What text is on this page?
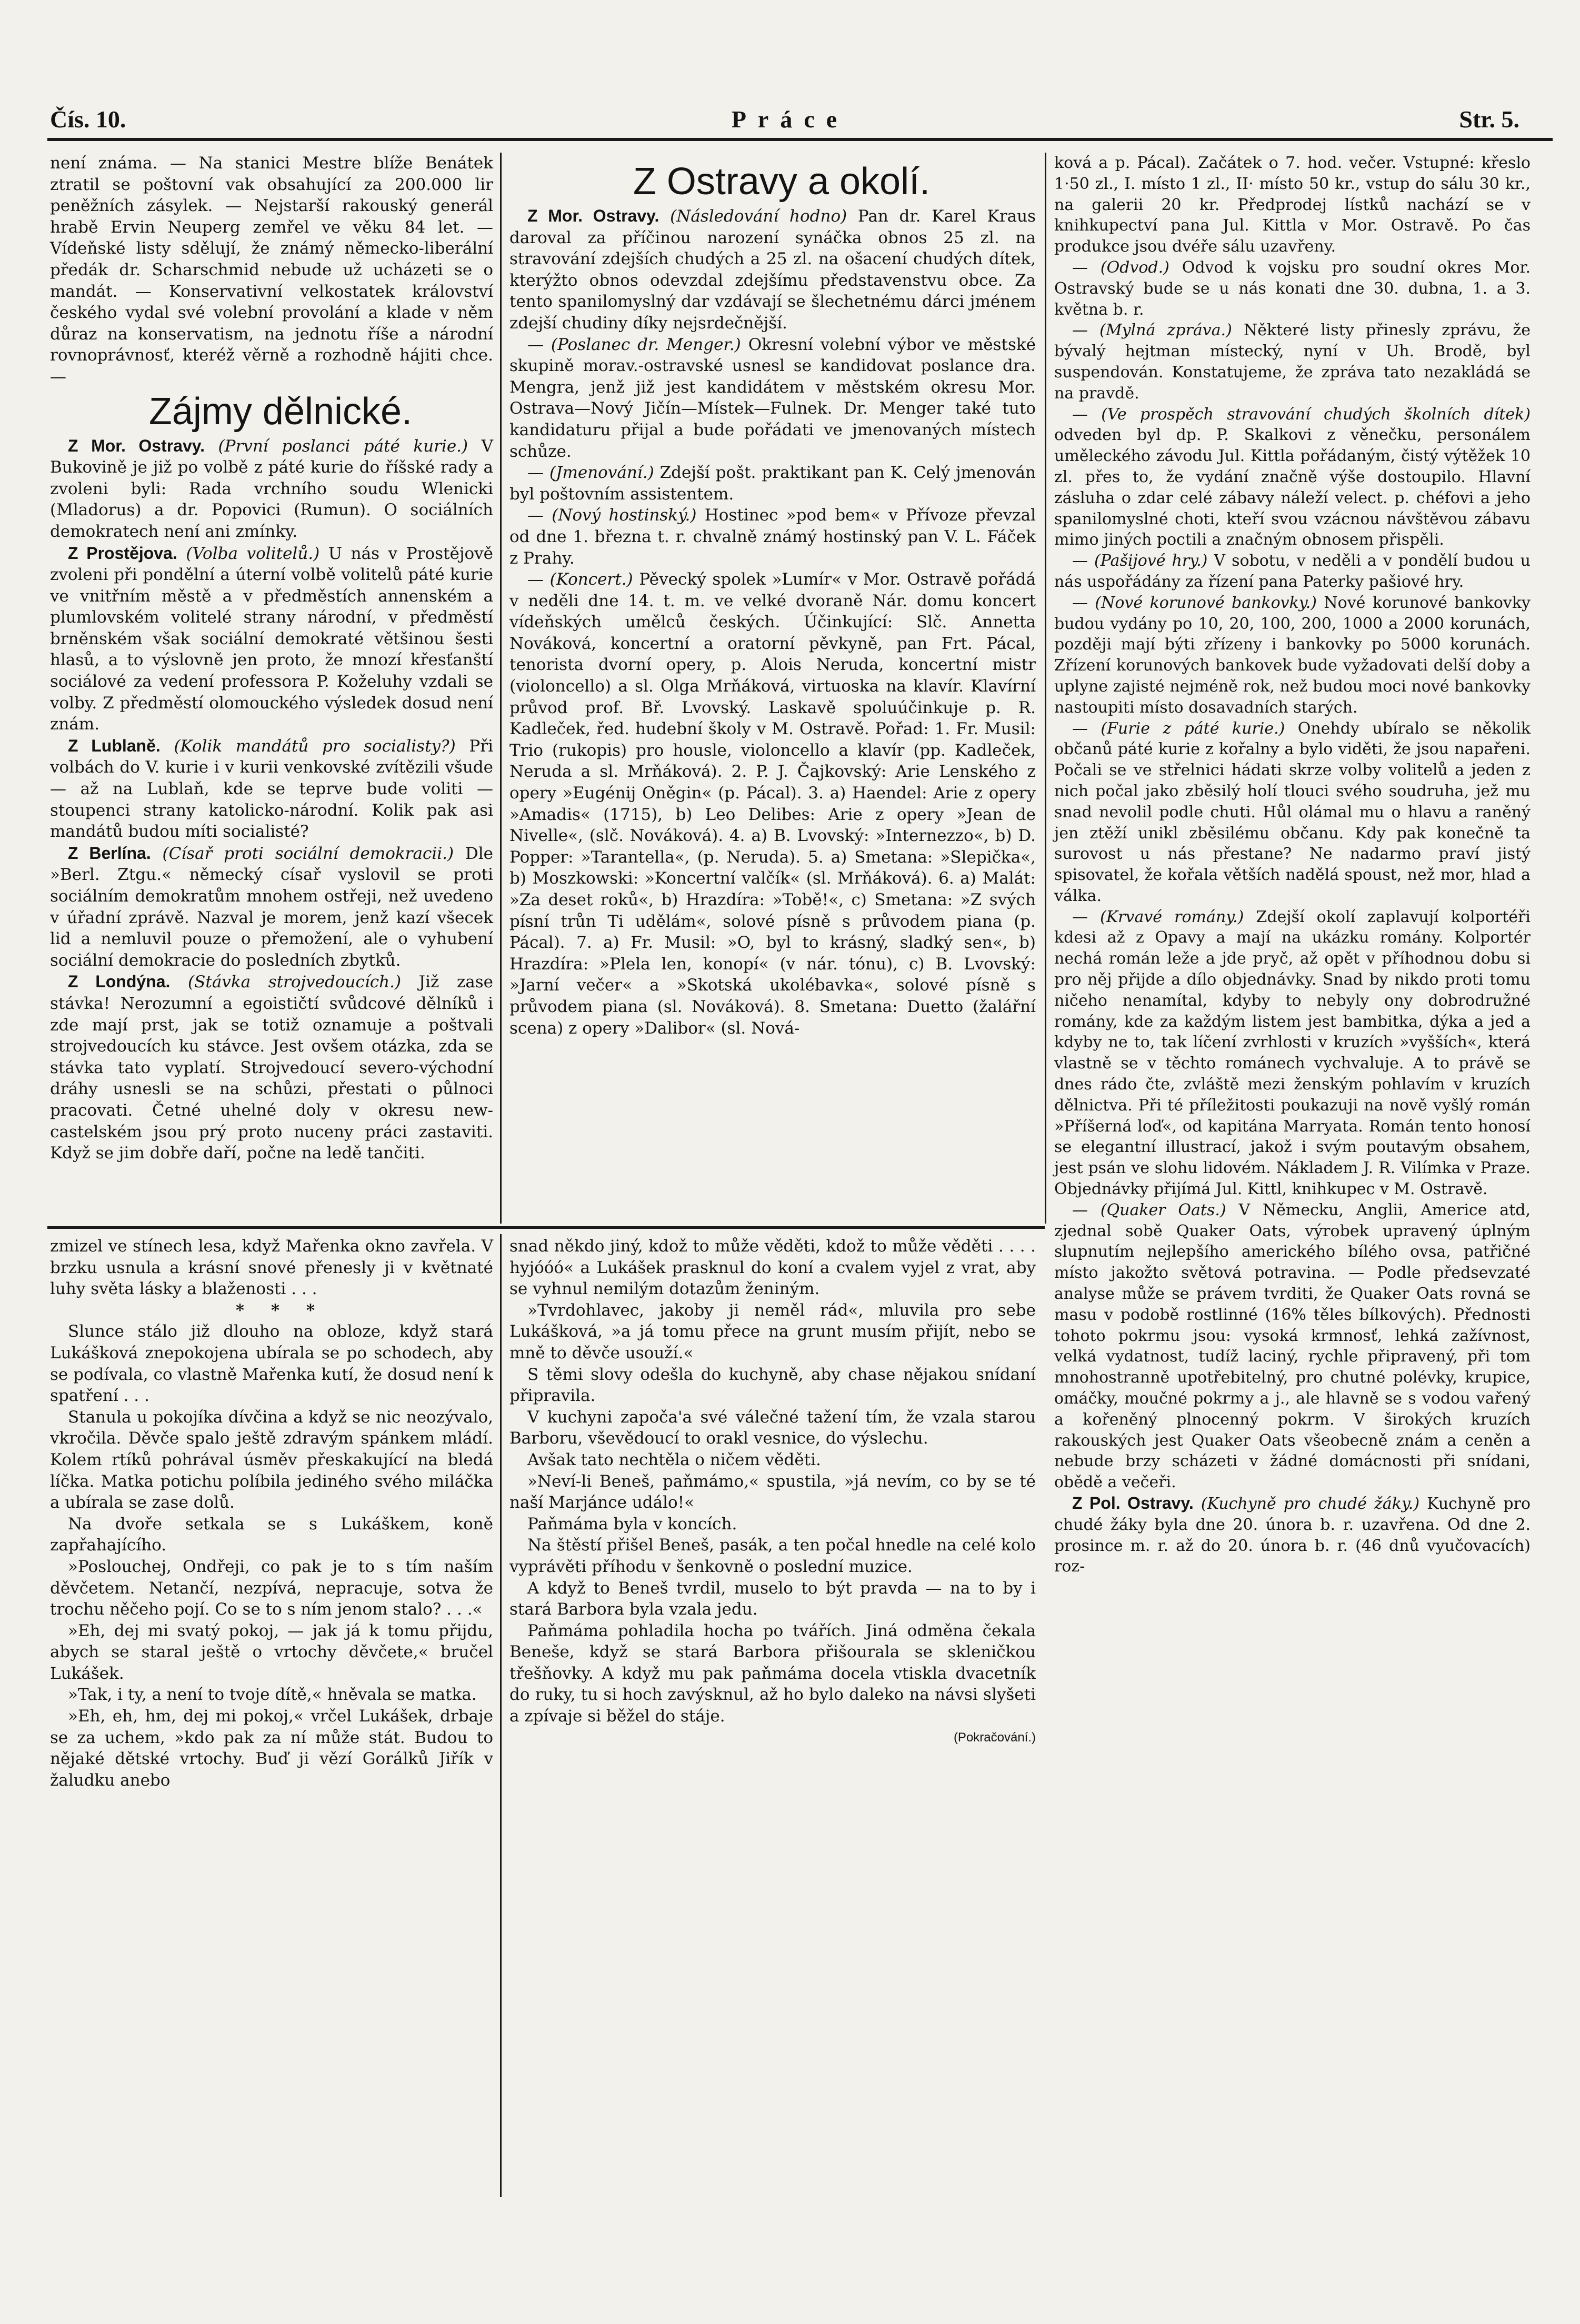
Čís. 10.	Práce	Str. 5.

není známa. — Na stanici Mestre blíže Benátek ztratil se poštovní vak obsahující za 200.000 lir peněžních zásylek. — Nejstarší rakouský generál hrabě Ervin Neuperg zemřel ve věku 84 let. — Vídeňské listy sdělují, že známý německo-liberální předák dr. Scharschmid nebude už ucházeti se o mandát. — Konservativní velkostatek království českého vydal své volební provolání a klade v něm důraz na konservatism, na jednotu říše a národní rovnoprávnosť, kteréž věrně a rozhodně hájiti chce. —

Zájmy dělnické.

Z Mor. Ostravy. (První poslanci páté kurie.) V Bukovině je již po volbě z páté kurie do říšské rady a zvoleni byli: Rada vrchního soudu Wlenicki (Mladorus) a dr. Popovici (Rumun). O sociálních demokratech není ani zmínky.

Z Prostějova. (Volba volitelů.) U nás v Prostějově zvoleni při pondělní a úterní volbě volitelů páté kurie ve vnitřním městě a v předměstích annenském a plumlovském volitelé strany národní, v předměstí brněnském však sociální demokraté většinou šesti hlasů, a to výslovně jen proto, že mnozí křesťanští sociálové za vedení professora P. Koželuhy vzdali se volby. Z předměstí olomouckého výsledek dosud není znám.

Z Lublaně. (Kolik mandátů pro socialisty?) Při volbách do V. kurie i v kurii venkovské zvítězili všude — až na Lublaň, kde se teprve bude voliti — stoupenci strany katolicko-národní. Kolik pak asi mandátů budou míti socialisté?

Z Berlína. (Císař proti sociální demokracii.) Dle »Berl. Ztgu.« německý císař vyslovil se proti sociálním demokratům mnohem ostřeji, než uvedeno v úřadní zprávě. Nazval je morem, jenž kazí všecek lid a nemluvil pouze o přemožení, ale o vyhubení sociální demokracie do posledních zbytků.

Z Londýna. (Stávka strojvedoucích.) Již zase stávka! Nerozumní a egoističtí svůdcové dělníků i zde mají prst, jak se totiž oznamuje a poštvali strojvedoucích ku stávce. Jest ovšem otázka, zda se stávka tato vyplatí. Strojvedoucí severo-východní dráhy usnesli se na schůzi, přestati o půlnoci pracovati. Četné uhelné doly v okresu new-castelském jsou prý proto nuceny práci zastaviti. Když se jim dobře daří, počne na ledě tančiti.

Z Ostravy a okolí.

Z Mor. Ostravy. (Následování hodno) Pan dr. Karel Kraus daroval za příčinou narození synáčka obnos 25 zl. na stravování zdejších chudých a 25 zl. na ošacení chudých dítek, kterýžto obnos odevzdal zdejšímu představenstvu obce. Za tento spanilomyslný dar vzdávají se šlechetnému dárci jménem zdejší chudiny díky nejsrdečnější.

— (Poslanec dr. Menger.) Okresní volební výbor ve městské skupině morav.-ostravské usnesl se kandidovat poslance dra. Mengra, jenž již jest kandidátem v městském okresu Mor. Ostrava—Nový Jičín—Místek—Fulnek. Dr. Menger také tuto kandidaturu přijal a bude pořádati ve jmenovaných místech schůze.

— (Jmenování.) Zdejší pošt. praktikant pan K. Celý jmenován byl poštovním assistentem.

— (Nový hostinský.) Hostinec »pod bem« v Přívoze převzal od dne 1. března t. r. chvalně známý hostinský pan V. L. Fáček z Prahy.

— (Koncert.) Pěvecký spolek »Lumír« v Mor. Ostravě pořádá v neděli dne 14. t. m. ve velké dvoraně Nár. domu koncert vídeňských umělců českých. Účinkující: Slč. Annetta Nováková, koncertní a oratorní pěvkyně, pan Frt. Pácal, tenorista dvorní opery, p. Alois Neruda, koncertní mistr (violoncello) a sl. Olga Mrňáková, virtuoska na klavír. Klavírní průvod prof. Bř. Lvovský. Laskavě spoluúčinkuje p. R. Kadleček, řed. hudební školy v M. Ostravě. Pořad: 1. Fr. Musil: Trio (rukopis) pro housle, violoncello a klavír (pp. Kadleček, Neruda a sl. Mrňáková). 2. P. J. Čajkovský: Arie Lenského z opery »Eugénij Oněgin« (p. Pácal). 3. a) Haendel: Arie z opery »Amadis« (1715), b) Leo Delibes: Arie z opery »Jean de Nivelle«, (slč. Nováková). 4. a) B. Lvovský: »Internezzo«, b) D. Popper: »Tarantella«, (p. Neruda). 5. a) Smetana: »Slepička«, b) Moszkowski: »Koncertní valčík« (sl. Mrňáková). 6. a) Malát: »Za deset roků«, b) Hrazdíra: »Tobě!«, c) Smetana: »Z svých písní trůn Ti udělám«, solové písně s průvodem piana (p. Pácal). 7. a) Fr. Musil: »O, byl to krásný, sladký sen«, b) Hrazdíra: »Plela len, konopí« (v nár. tónu), c) B. Lvovský: »Jarní večer« a »Skotská ukolébavka«, solové písně s průvodem piana (sl. Nováková). 8. Smetana: Duetto (žalářní scena) z opery »Dalibor« (sl. Nová-

ková a p. Pácal). Začátek o 7. hod. večer. Vstupné: křeslo 1·50 zl., I. místo 1 zl., II· místo 50 kr., vstup do sálu 30 kr., na galerii 20 kr. Předprodej lístků nachází se v knihkupectví pana Jul. Kittla v Mor. Ostravě. Po čas produkce jsou dvéře sálu uzavřeny.

— (Odvod.) Odvod k vojsku pro soudní okres Mor. Ostravský bude se u nás konati dne 30. dubna, 1. a 3. května b. r.

— (Mylná zpráva.) Některé listy přinesly zprávu, že bývalý hejtman místecký, nyní v Uh. Brodě, byl suspendován. Konstatujeme, že zpráva tato nezakládá se na pravdě.

— (Ve prospěch stravování chudých školních dítek) odveden byl dp. P. Skalkovi z věnečku, personálem uměleckého závodu Jul. Kittla pořádaným, čistý výtěžek 10 zl. přes to, že vydání značně výše dostoupilo. Hlavní zásluha o zdar celé zábavy náleží velect. p. chéfovi a jeho spanilomyslné choti, kteří svou vzácnou návštěvou zábavu mimo jiných poctili a značným obnosem přispěli.

— (Pašijové hry.) V sobotu, v neděli a v pondělí budou u nás uspořádány za řízení pana Paterky pašiové hry.

— (Nové korunové bankovky.) Nové korunové bankovky budou vydány po 10, 20, 100, 200, 1000 a 2000 korunách, později mají býti zřízeny i bankovky po 5000 korunách. Zřízení korunových bankovek bude vyžadovati delší doby a uplyne zajisté nejméně rok, než budou moci nové bankovky nastoupiti místo dosavadních starých.

— (Furie z páté kurie.) Onehdy ubíralo se několik občanů páté kurie z kořalny a bylo viděti, že jsou napařeni. Počali se ve střelnici hádati skrze volby volitelů a jeden z nich počal jako zběsilý holí tlouci svého soudruha, jež mu snad nevolil podle chuti. Hůl olámal mu o hlavu a raněný jen ztěží unikl zběsilému občanu. Kdy pak konečně ta surovost u nás přestane? Ne nadarmo praví jistý spisovatel, že kořala větších nadělá spoust, než mor, hlad a válka.

— (Krvavé romány.) Zdejší okolí zaplavují kolportéři kdesi až z Opavy a mají na ukázku romány. Kolportér nechá román leže a jde pryč, až opět v příhodnou dobu si pro něj přijde a dílo objednávky. Snad by nikdo proti tomu ničeho nenamítal, kdyby to nebyly ony dobrodružné romány, kde za každým listem jest bambitka, dýka a jed a kdyby ne to, tak líčení zvrhlosti v kruzích »vyšších«, která vlastně se v těchto románech vychvaluje. A to právě se dnes rádo čte, zvláště mezi ženským pohlavím v kruzích dělnictva. Při té příležitosti poukazuji na nově vyšlý román »Příšerná loď«, od kapitána Marryata. Román tento honosí se elegantní illustrací, jakož i svým poutavým obsahem, jest psán ve slohu lidovém. Nákladem J. R. Vilímka v Praze. Objednávky přijímá Jul. Kittl, knihkupec v M. Ostravě.

— (Quaker Oats.) V Německu, Anglii, Americe atd, zjednal sobě Quaker Oats, výrobek upravený úplným slupnutím nejlepšího amerického bílého ovsa, patřičné místo jakožto světová potravina. — Podle předsevzaté analyse může se právem tvrditi, že Quaker Oats rovná se masu v podobě rostlinné (16% těles bílkových). Přednosti tohoto pokrmu jsou: vysoká krmnosť, lehká zažívnost, velká vydatnost, tudíž laciný, rychle připravený, při tom mnohostranně upotřebitelný, pro chutné polévky, krupice, omáčky, moučné pokrmy a j., ale hlavně se s vodou vařený a kořeněný plnocenný pokrm. V širokých kruzích rakouských jest Quaker Oats všeobecně znám a ceněn a nebude brzy scházeti v žádné domácnosti při snídani, obědě a večeři.

Z Pol. Ostravy. (Kuchyně pro chudé žáky.) Kuchyně pro chudé žáky byla dne 20. února b. r. uzavřena. Od dne 2. prosince m. r. až do 20. února b. r. (46 dnů vyučovacích) roz-

zmizel ve stínech lesa, když Mařenka okno zavřela. V brzku usnula a krásní snové přenesly ji v květnaté luhy světa lásky a blaženosti . . .

* * *

Slunce stálo již dlouho na obloze, když stará Lukášková znepokojena ubírala se po schodech, aby se podívala, co vlastně Mařenka kutí, že dosud není k spatření . . .

Stanula u pokojíka dívčina a když se nic neozývalo, vkročila. Děvče spalo ještě zdravým spánkem mládí. Kolem rtíků pohrával úsměv přeskakující na bledá líčka. Matka potichu políbila jediného svého miláčka a ubírala se zase dolů.

Na dvoře setkala se s Lukáškem, koně zapřahajícího.

»Poslouchej, Ondřeji, co pak je to s tím naším děvčetem. Netančí, nezpívá, nepracuje, sotva že trochu něčeho pojí. Co se to s ním jenom stalo? . . .«

»Eh, dej mi svatý pokoj, — jak já k tomu přijdu, abych se staral ještě o vrtochy děvčete,« bručel Lukášek.

»Tak, i ty, a není to tvoje dítě,« hněvala se matka.

»Eh, eh, hm, dej mi pokoj,« vrčel Lukášek, drbaje se za uchem, »kdo pak za ní může stát. Budou to nějaké dětské vrtochy. Buď ji vězí Gorálků Jiřík v žaludku anebo

snad někdo jiný, kdož to může věděti, kdož to může věděti . . . . hyjóóó« a Lukášek prasknul do koní a cvalem vyjel z vrat, aby se vyhnul nemilým dotazům ženiným.

»Tvrdohlavec, jakoby ji neměl rád«, mluvila pro sebe Lukášková, »a já tomu přece na grunt musím přijít, nebo se mně to děvče usouží.«

S těmi slovy odešla do kuchyně, aby chase nějakou snídaní připravila.

V kuchyni započa'a své válečné tažení tím, že vzala starou Barboru, vševědoucí to orakl vesnice, do výslechu.

Avšak tato nechtěla o ničem věděti.

»Neví-li Beneš, paňmámo,« spustila, »já nevím, co by se té naší Marjánce událo!«

Paňmáma byla v koncích.

Na štěstí přišel Beneš, pasák, a ten počal hnedle na celé kolo vyprávěti příhodu v šenkovně o poslední muzice.

A když to Beneš tvrdil, muselo to být pravda — na to by i stará Barbora byla vzala jedu.

Paňmáma pohladila hocha po tvářích. Jiná odměna čekala Beneše, když se stará Barbora přišourala se skleničkou třešňovky. A když mu pak paňmáma docela vtiskla dvacetník do ruky, tu si hoch zavýsknul, až ho bylo daleko na návsi slyšeti a zpívaje si běžel do stáje.

(Pokračování.)
